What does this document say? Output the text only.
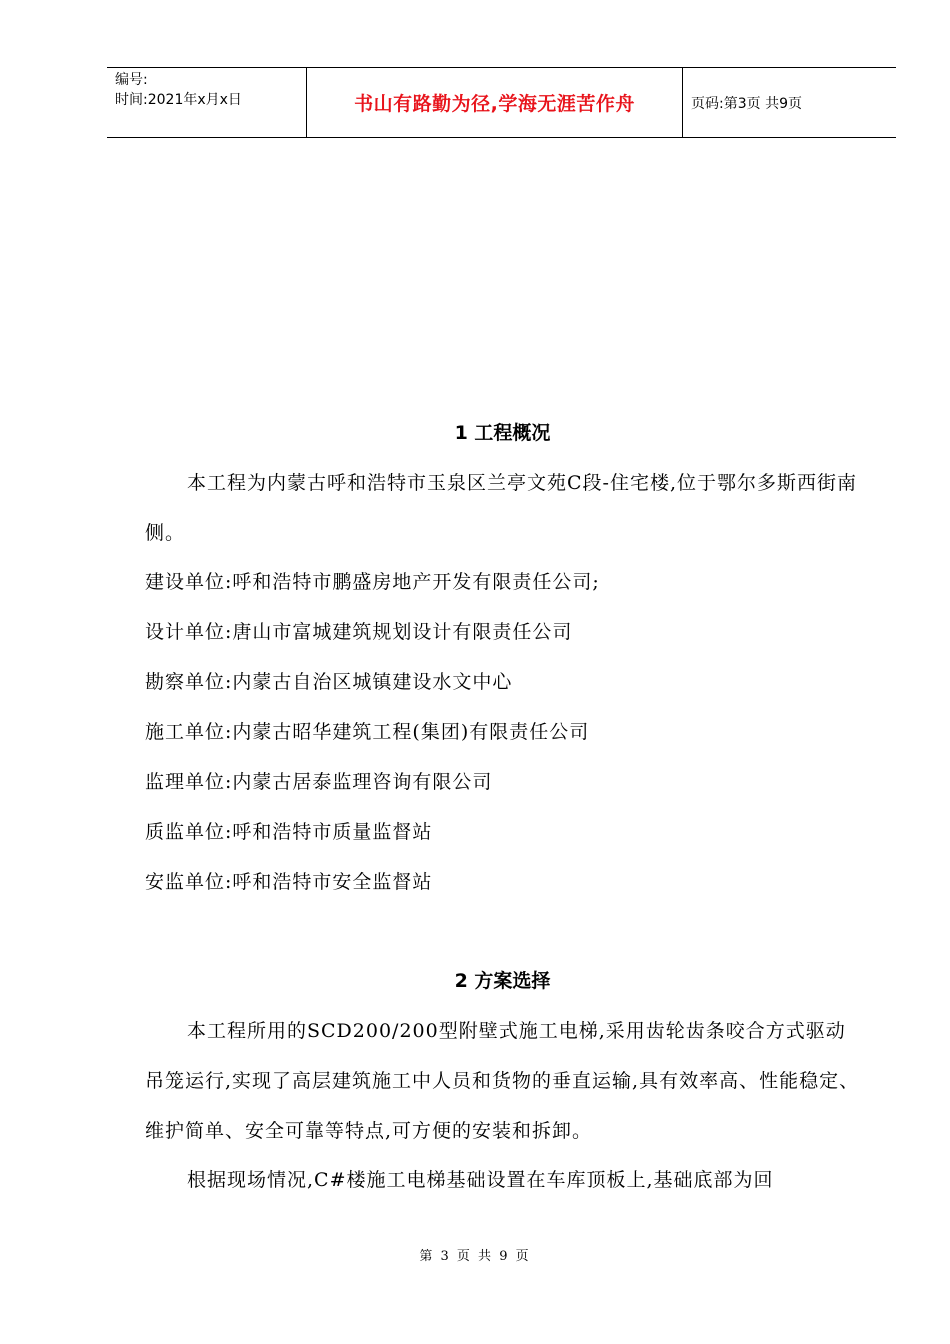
编号:
时间:2021年x月x日	书山有路勤为径,学海无涯苦作舟	页码:第3页 共9页
1 工程概况

本工程为内蒙古呼和浩特市玉泉区兰亭文苑C段-住宅楼,位于鄂尔多斯西街南侧。

建设单位:呼和浩特市鹏盛房地产开发有限责任公司;

设计单位:唐山市富城建筑规划设计有限责任公司

勘察单位:内蒙古自治区城镇建设水文中心

施工单位:内蒙古昭华建筑工程(集团)有限责任公司

监理单位:内蒙古居泰监理咨询有限公司

质监单位:呼和浩特市质量监督站

安监单位:呼和浩特市安全监督站

2 方案选择

本工程所用的SCD200/200型附壁式施工电梯,采用齿轮齿条咬合方式驱动吊笼运行,实现了高层建筑施工中人员和货物的垂直运输,具有效率高、性能稳定、维护简单、安全可靠等特点,可方便的安装和拆卸。

根据现场情况,C#楼施工电梯基础设置在车库顶板上,基础底部为回

第 3 页 共 9 页
